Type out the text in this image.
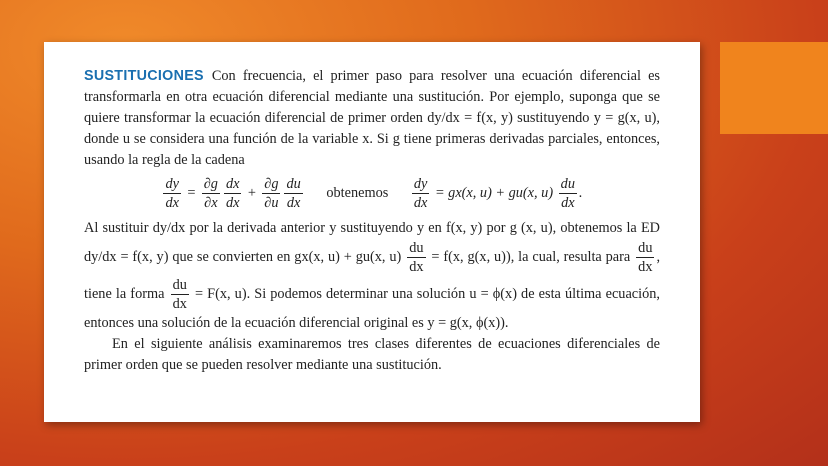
SUSTITUCIONES Con frecuencia, el primer paso para resolver una ecuación diferencial es transformarla en otra ecuación diferencial mediante una sustitución. Por ejemplo, suponga que se quiere transformar la ecuación diferencial de primer orden dy/dx = f(x, y) sustituyendo y = g(x, u), donde u se considera una función de la variable x. Si g tiene primeras derivadas parciales, entonces, usando la regla de la cadena

$\frac{dy}{dx} = \frac{\partial g}{\partial x} \frac{dx}{dx} + \frac{\partial g}{\partial u} \frac{du}{dx}$ obtenemos $\frac{dy}{dx} = gx(x$, u) + gu(x, $u) \frac{du}{dx}$ .

Al sustituir dy/dx por la derivada anterior y sustituyendo y en f(x, y) por g (x, u), obtenemos la ED dy/dx = f(x, y) que se convierten en gx(x, u) + gu(x, $u) \frac{du}{dx} = f(x$, g(x, u)), la cual, resulta para $\frac{du}{dx}$ , tiene la forma $\frac{du}{dx} = F(x$, u). Si podemos determinar una solución u = ϕ(x) de esta última ecuación, entonces una solución de la ecuación diferencial original es y = g(x, ϕ(x)).

En el siguiente análisis examinaremos tres clases diferentes de ecuaciones diferenciales de primer orden que se pueden resolver mediante una sustitución.
